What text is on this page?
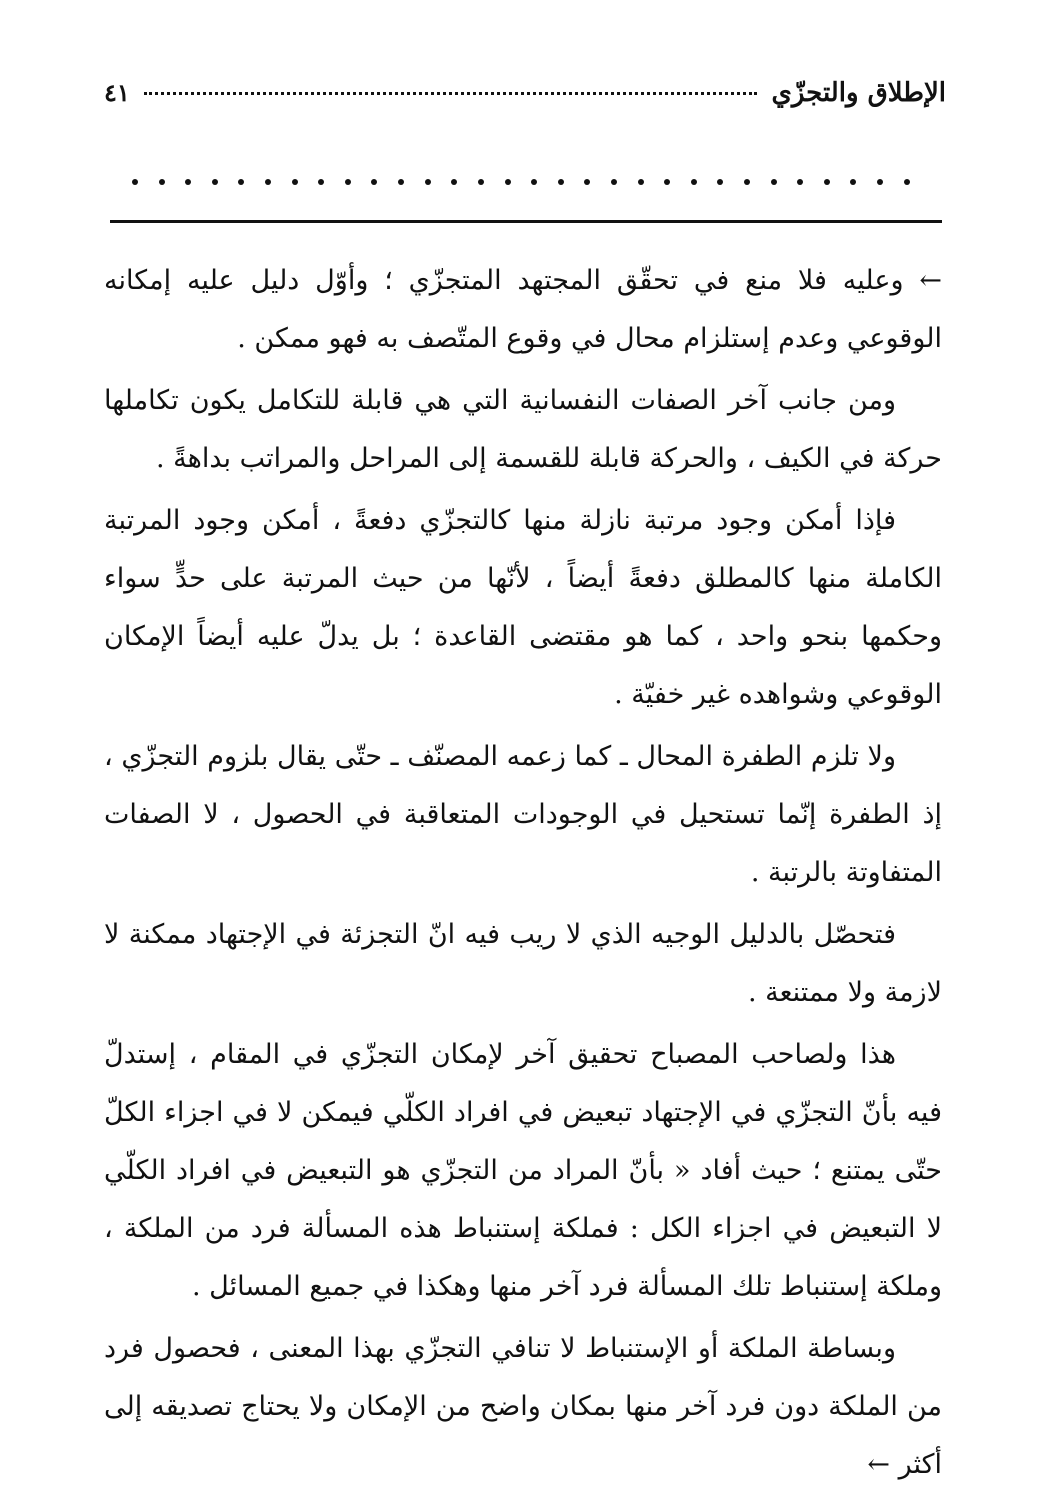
الإطلاق والتجزّي
٤١

← وعليه فلا منع في تحقّق المجتهد المتجزّي ؛ وأوّل دليل عليه إمكانه الوقوعي وعدم إستلزام محال في وقوع المتّصف به فهو ممكن .

ومن جانب آخر الصفات النفسانية التي هي قابلة للتكامل يكون تكاملها حركة في الكيف ، والحركة قابلة للقسمة إلى المراحل والمراتب بداهةً .

فإذا أمكن وجود مرتبة نازلة منها كالتجزّي دفعةً ، أمكن وجود المرتبة الكاملة منها كالمطلق دفعةً أيضاً ، لأنّها من حيث المرتبة على حدٍّ سواء وحكمها بنحو واحد ، كما هو مقتضى القاعدة ؛ بل يدلّ عليه أيضاً الإمكان الوقوعي وشواهده غير خفيّة .

ولا تلزم الطفرة المحال ـ كما زعمه المصنّف ـ حتّى يقال بلزوم التجزّي ، إذ الطفرة إنّما تستحيل في الوجودات المتعاقبة في الحصول ، لا الصفات المتفاوتة بالرتبة .

فتحصّل بالدليل الوجيه الذي لا ريب فيه انّ التجزئة في الإجتهاد ممكنة لا لازمة ولا ممتنعة .

هذا ولصاحب المصباح تحقيق آخر لإمكان التجزّي في المقام ، إستدلّ فيه بأنّ التجزّي في الإجتهاد تبعيض في افراد الكلّي فيمكن لا في اجزاء الكلّ حتّى يمتنع ؛ حيث أفاد « بأنّ المراد من التجزّي هو التبعيض في افراد الكلّي لا التبعيض في اجزاء الكل : فملكة إستنباط هذه المسألة فرد من الملكة ، وملكة إستنباط تلك المسألة فرد آخر منها وهكذا في جميع المسائل .

وبساطة الملكة أو الإستنباط لا تنافي التجزّي بهذا المعنى ، فحصول فرد من الملكة دون فرد آخر منها بمكان واضح من الإمكان ولا يحتاج تصديقه إلى أكثر ←
